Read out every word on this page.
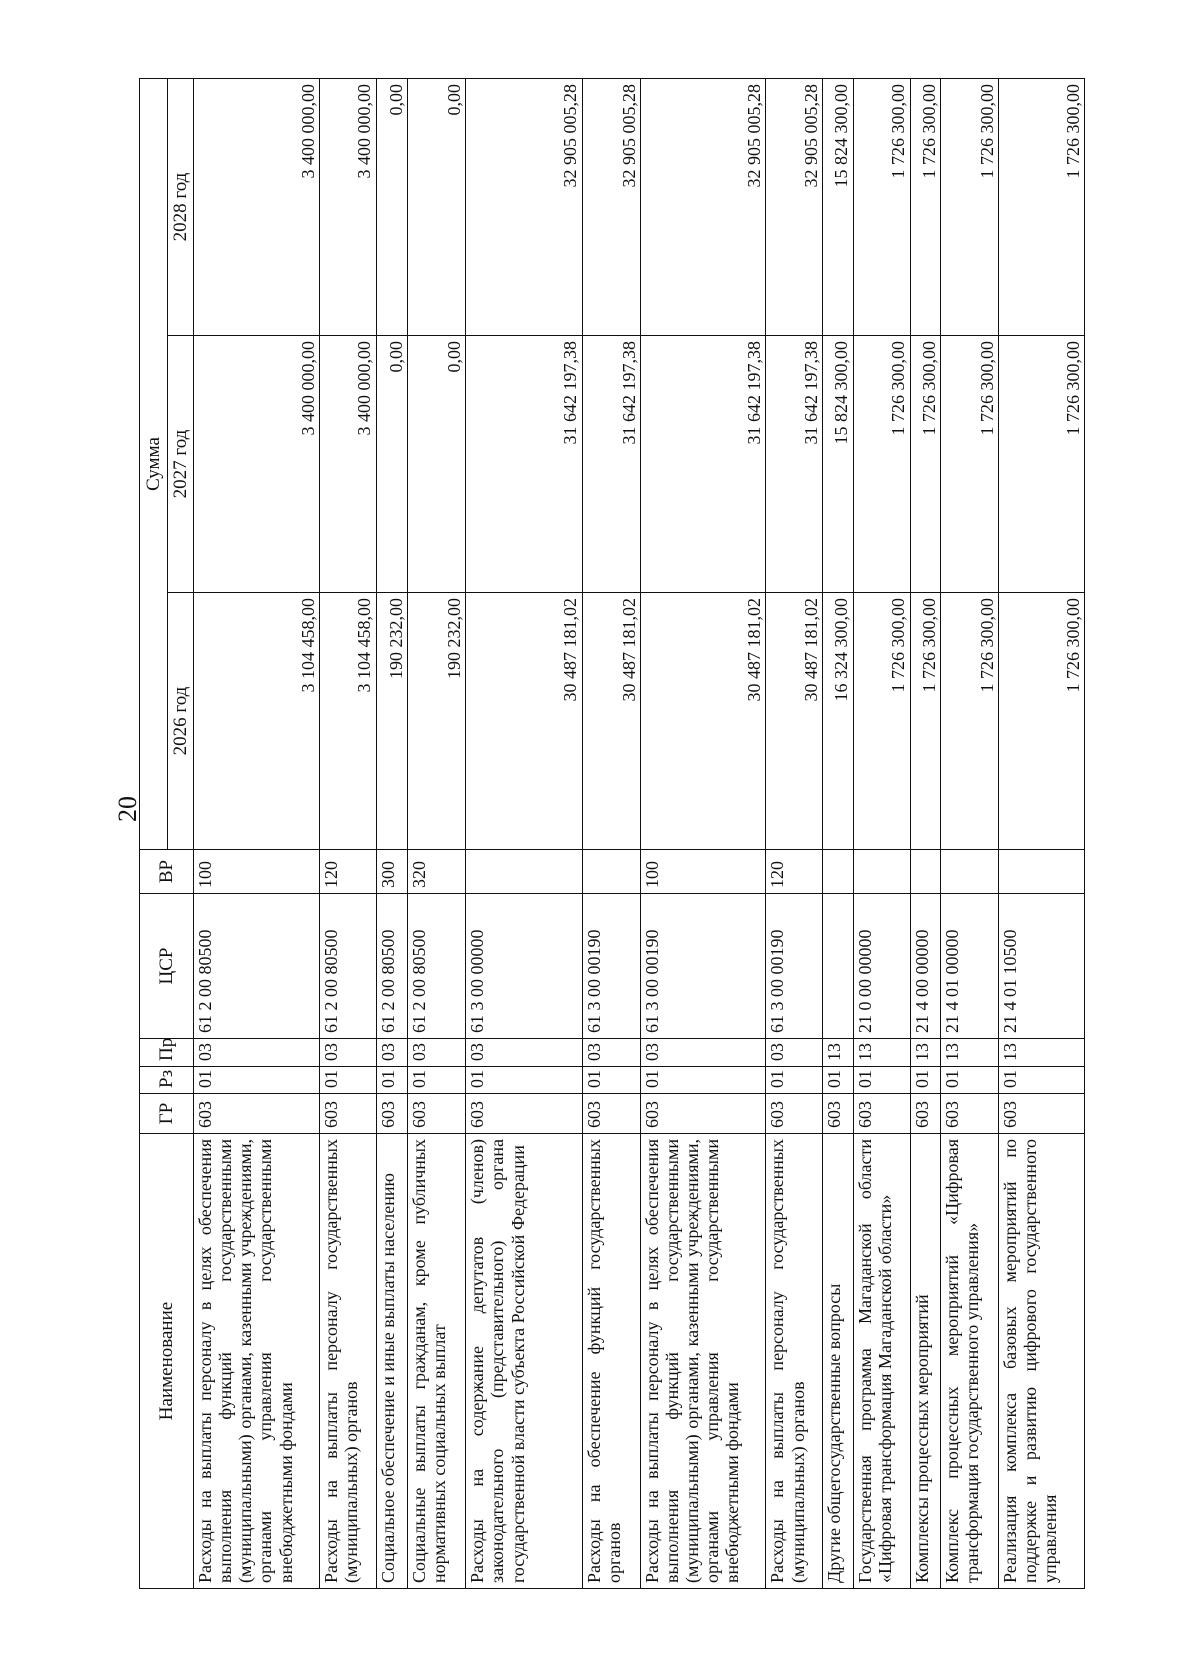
20
Наименование	ГР	Рз	Пр	ЦСР	ВР	Сумма		
						2026 год	2027 год	2028 год
Расходы на выплаты персоналу в целях обеспечения выполнения функций государственными (муниципальными) органами, казенными учреждениями, органами управления государственными внебюджетными фондами	603	01	03	61 2 00 80500	100	3 104 458,00	3 400 000,00	3 400 000,00
Расходы на выплаты персоналу государственных (муниципальных) органов	603	01	03	61 2 00 80500	120	3 104 458,00	3 400 000,00	3 400 000,00
Социальное обеспечение и иные выплаты населению	603	01	03	61 2 00 80500	300	190 232,00	0,00	0,00
Социальные выплаты гражданам, кроме публичных нормативных социальных выплат	603	01	03	61 2 00 80500	320	190 232,00	0,00	0,00
Расходы на содержание депутатов (членов) законодательного (представительного) органа государственной власти субъекта Российской Федерации	603	01	03	61 3 00 00000		30 487 181,02	31 642 197,38	32 905 005,28
Расходы на обеспечение функций государственных органов	603	01	03	61 3 00 00190		30 487 181,02	31 642 197,38	32 905 005,28
Расходы на выплаты персоналу в целях обеспечения выполнения функций государственными (муниципальными) органами, казенными учреждениями, органами управления государственными внебюджетными фондами	603	01	03	61 3 00 00190	100	30 487 181,02	31 642 197,38	32 905 005,28
Расходы на выплаты персоналу государственных (муниципальных) органов	603	01	03	61 3 00 00190	120	30 487 181,02	31 642 197,38	32 905 005,28
Другие общегосударственные вопросы	603	01	13			16 324 300,00	15 824 300,00	15 824 300,00
Государственная программа Магаданской области «Цифровая трансформация Магаданской области»	603	01	13	21 0 00 00000		1 726 300,00	1 726 300,00	1 726 300,00
Комплексы процессных мероприятий	603	01	13	21 4 00 00000		1 726 300,00	1 726 300,00	1 726 300,00
Комплекс процессных мероприятий «Цифровая трансформация государственного управления»	603	01	13	21 4 01 00000		1 726 300,00	1 726 300,00	1 726 300,00
Реализация комплекса базовых мероприятий по поддержке и развитию цифрового государственного управления	603	01	13	21 4 01 10500		1 726 300,00	1 726 300,00	1 726 300,00
